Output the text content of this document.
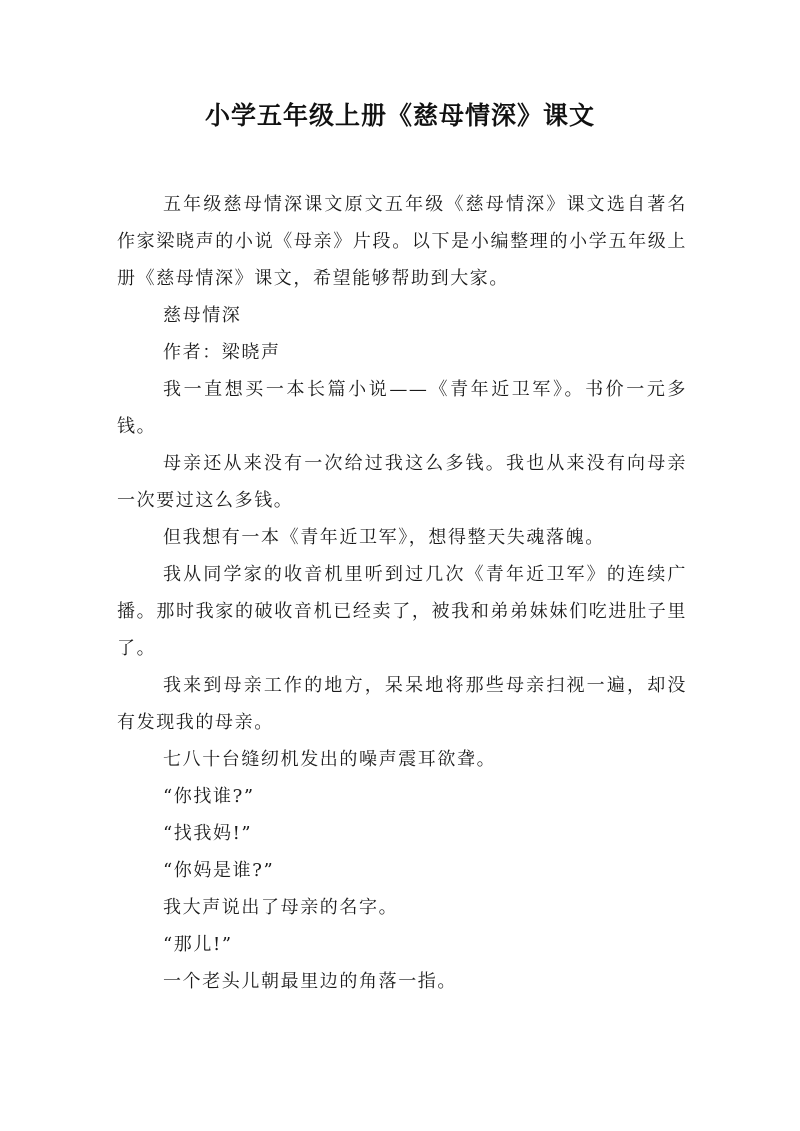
小学五年级上册《慈母情深》课文

五年级慈母情深课文原文五年级《慈母情深》课文选自著名作家梁晓声的小说《母亲》片段。以下是小编整理的小学五年级上册《慈母情深》课文，希望能够帮助到大家。

慈母情深

作者：梁晓声

我一直想买一本长篇小说——《青年近卫军》。书价一元多钱。

母亲还从来没有一次给过我这么多钱。我也从来没有向母亲一次要过这么多钱。

但我想有一本《青年近卫军》，想得整天失魂落魄。

我从同学家的收音机里听到过几次《青年近卫军》的连续广播。那时我家的破收音机已经卖了，被我和弟弟妹妹们吃进肚子里了。

我来到母亲工作的地方，呆呆地将那些母亲扫视一遍，却没有发现我的母亲。

七八十台缝纫机发出的噪声震耳欲聋。

“你找谁?”

“找我妈!”

“你妈是谁?”

我大声说出了母亲的名字。

“那儿!”

一个老头儿朝最里边的角落一指。
